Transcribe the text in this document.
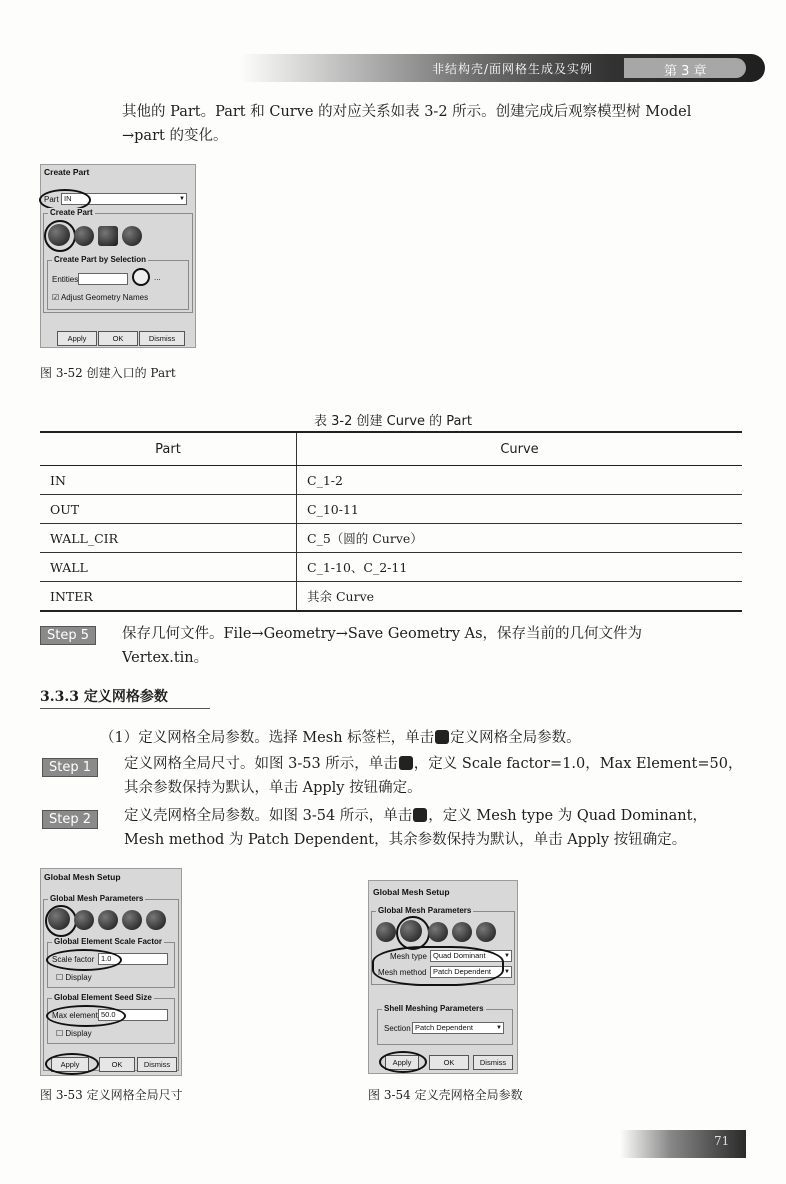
非结构壳/面网格生成及实例	第 3 章
其他的 Part。Part 和 Curve 的对应关系如表 3-2 所示。创建完成后观察模型树 Model
→part 的变化。
Create Part
Part IN	▼
Create Part
Create Part by Selection
Entities	...
☑ Adjust Geometry Names
Apply	OK	Dismiss
图 3-52 创建入口的 Part
表 3-2 创建 Curve 的 Part
Part	Curve
IN	C_1-2
OUT	C_10-11
WALL_CIR	C_5（圆的 Curve）
WALL	C_1-10、C_2-11
INTER	其余 Curve
Step 5	保存几何文件。File→Geometry→Save Geometry As，保存当前的几何文件为
Vertex.tin。
3.3.3 定义网格参数
（1）定义网格全局参数。选择 Mesh 标签栏，单击 定义网格全局参数。
Step 1	定义网格全局尺寸。如图 3-53 所示，单击 ，定义 Scale factor=1.0，Max Element=50，
其余参数保持为默认，单击 Apply 按钮确定。
Step 2	定义壳网格全局参数。如图 3-54 所示，单击 ，定义 Mesh type 为 Quad Dominant，
Mesh method 为 Patch Dependent，其余参数保持为默认，单击 Apply 按钮确定。
Global Mesh Setup
Global Mesh Parameters
Global Element Scale Factor
Scale factor 1.0
☐ Display
Global Element Seed Size
Max element 50.0
☐ Display
Apply	OK	Dismiss
图 3-53 定义网格全局尺寸
Global Mesh Setup
Global Mesh Parameters
Mesh type Quad Dominant	▼
Mesh method Patch Dependent ▼
Shell Meshing Parameters
Section Patch Dependent	▼
Apply	OK	Dismiss
图 3-54 定义壳网格全局参数
71
